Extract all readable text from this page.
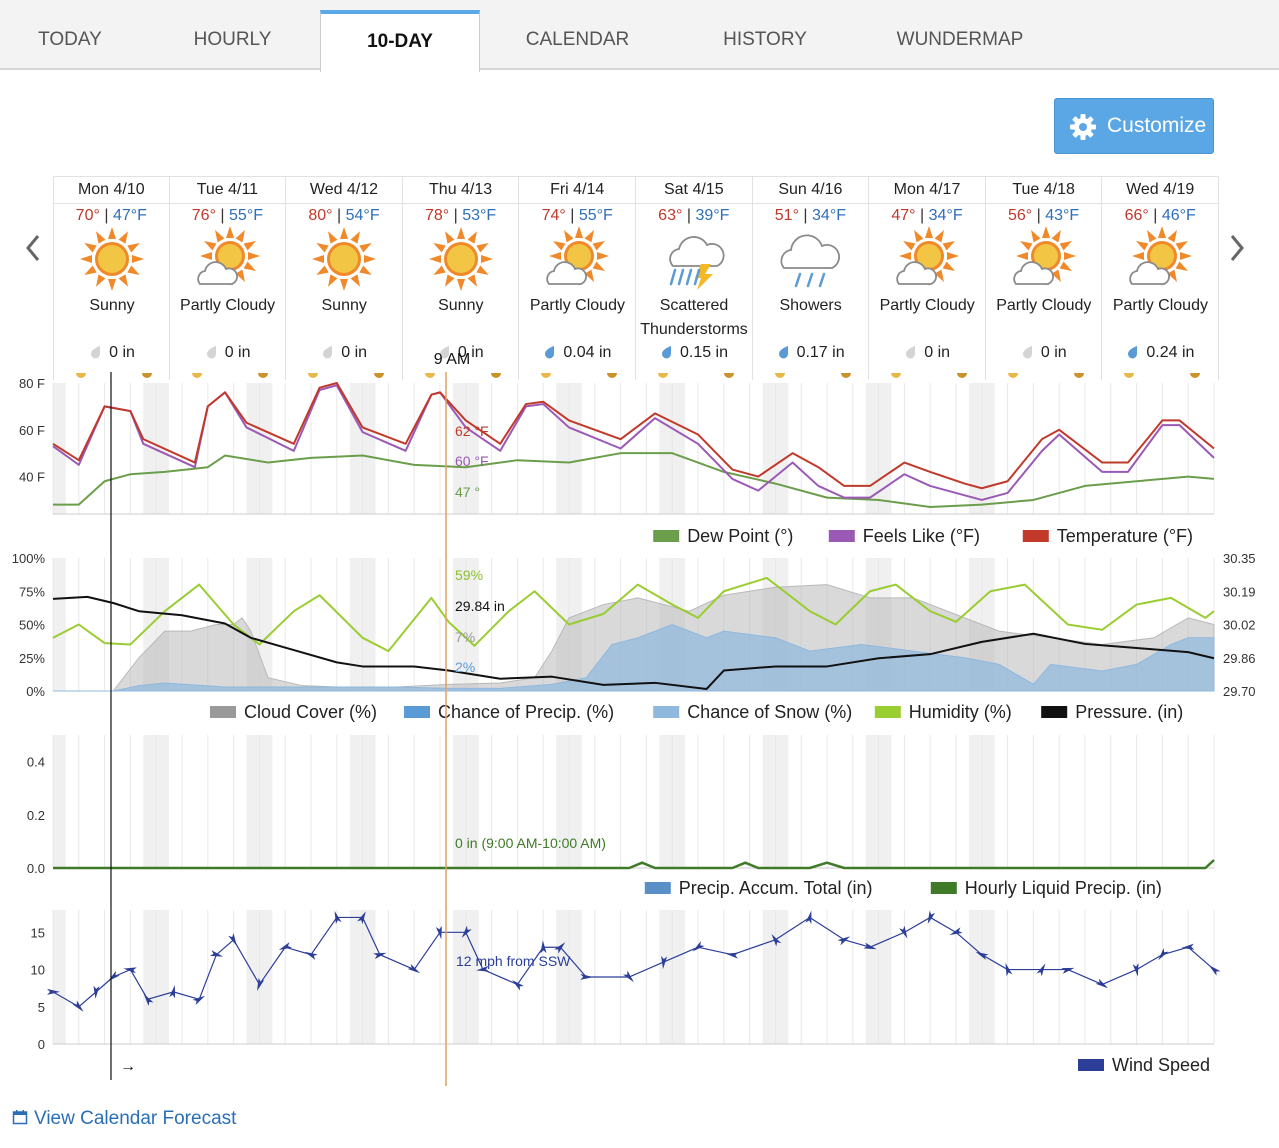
TODAY	HOURLY	10-DAY	CALENDAR	HISTORY	WUNDERMAP
Customize
Mon 4/10
70° | 47°F
Sunny
0 in
Tue 4/11
76° | 55°F
Partly Cloudy
0 in
Wed 4/12
80° | 54°F
Sunny
0 in
Thu 4/13
78° | 53°F
Sunny
0 in
Fri 4/14
74° | 55°F
Partly Cloudy
0.04 in
Sat 4/15
63° | 39°F
Scattered Thunderstorms
0.15 in
Sun 4/16
51° | 34°F
Showers
0.17 in
Mon 4/17
47° | 34°F
Partly Cloudy
0 in
Tue 4/18
56° | 43°F
Partly Cloudy
0 in
Wed 4/19
66° | 46°F
Partly Cloudy
0.24 in
80 F
60 F
40 F
62 °F
60 °F
47 °
Temperature (°F)
Feels Like (°F)
Dew Point (°)
100%
75%
50%
25%
0%
30.35
30.19
30.02
29.86
29.70
59%
29.84 in
7%
2%
Pressure. (in)
Humidity (%)
Chance of Snow (%)
Chance of Precip. (%)
Cloud Cover (%)
0.4
0.2
0.0
0 in (9:00 AM-10:00 AM)
Hourly Liquid Precip. (in)
Precip. Accum. Total (in)
15
10
5
0
12 mph from SSW
Wind Speed
9 AM
→
View Calendar Forecast
